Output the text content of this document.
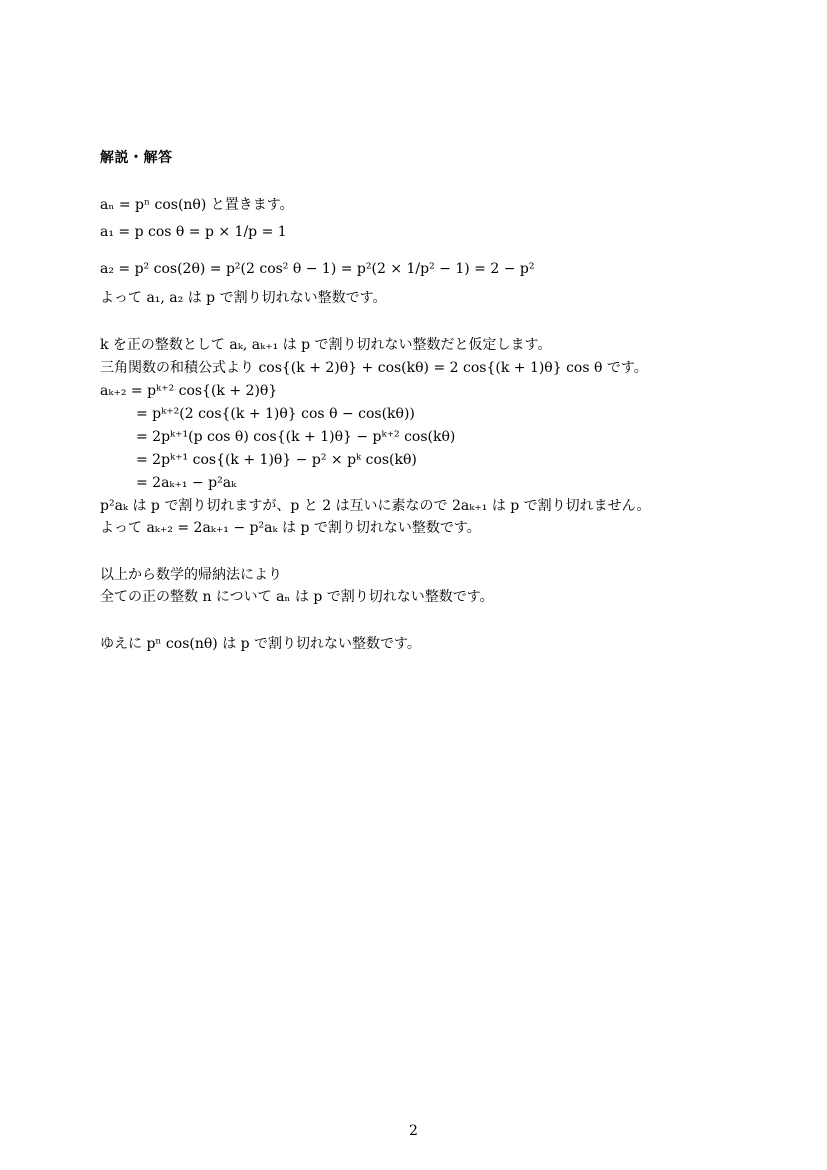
解説・解答
aₙ = pⁿ cos(nθ) と置きます。
a₁ = p cos θ = p × 1/p = 1
a₂ = p² cos(2θ) = p²(2 cos² θ − 1) = p²(2 × 1/p² − 1) = 2 − p²
よって a₁, a₂ は p で割り切れない整数です。
k を正の整数として aₖ, aₖ₊₁ は p で割り切れない整数だと仮定します。
三角関数の和積公式より cos{(k + 2)θ} + cos(kθ) = 2 cos{(k + 1)θ} cos θ です。
aₖ₊₂ = pᵏ⁺² cos{(k + 2)θ}
= pᵏ⁺²(2 cos{(k + 1)θ} cos θ − cos(kθ))
= 2pᵏ⁺¹(p cos θ) cos{(k + 1)θ} − pᵏ⁺² cos(kθ)
= 2pᵏ⁺¹ cos{(k + 1)θ} − p² × pᵏ cos(kθ)
= 2aₖ₊₁ − p²aₖ
p²aₖ は p で割り切れますが、p と 2 は互いに素なので 2aₖ₊₁ は p で割り切れません。
よって aₖ₊₂ = 2aₖ₊₁ − p²aₖ は p で割り切れない整数です。
以上から数学的帰納法により
全ての正の整数 n について aₙ は p で割り切れない整数です。
ゆえに pⁿ cos(nθ) は p で割り切れない整数です。
2
